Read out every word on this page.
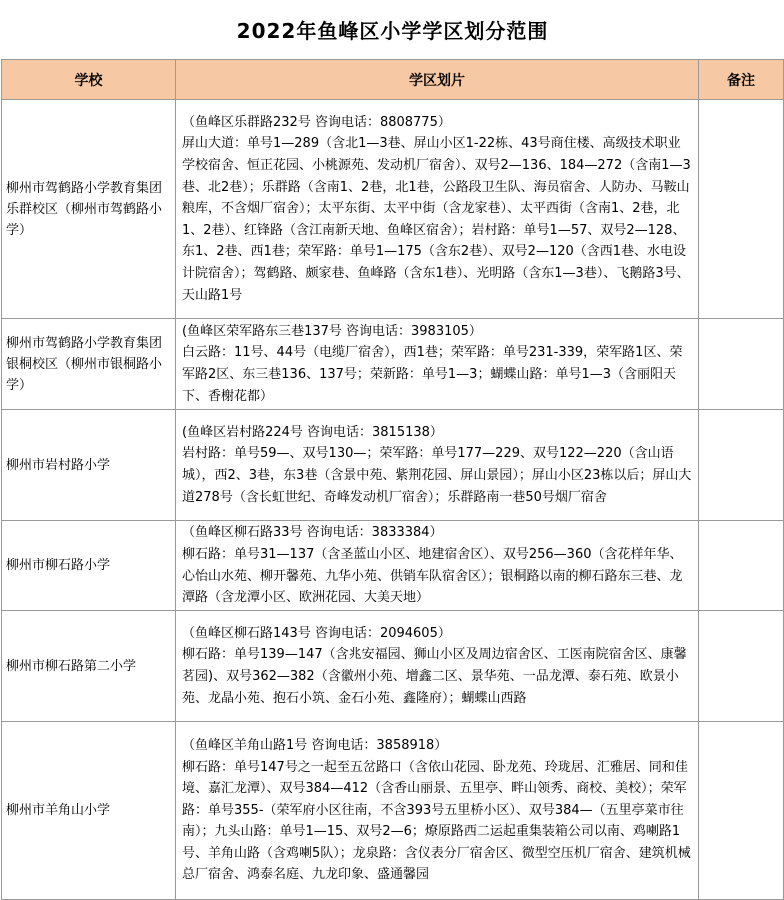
2022年鱼峰区小学学区划分范围		
学校	学区划片	备注
柳州市驾鹤路小学教育集团乐群校区（柳州市驾鹤路小学）	（鱼峰区乐群路232号 咨询电话：8808775）
屏山大道：单号1—289（含北1—3巷、屏山小区1-22栋、43号商住楼、高级技术职业学校宿舍、恒正花园、小桃源苑、发动机厂宿舍）、双号2—136、184—272（含南1—3巷、北2巷）；乐群路（含南1、2巷，北1巷，公路段卫生队、海员宿舍、人防办、马鞍山粮库，不含烟厂宿舍）；太平东街、太平中街（含龙家巷）、太平西街（含南1、2巷，北1、2巷）、红锋路（含江南新天地、鱼峰区宿舍）；岩村路：单号1—57、双号2—128、东1、2巷、西1巷；荣军路：单号1—175（含东2巷）、双号2—120（含西1巷、水电设计院宿舍）；驾鹤路、颇家巷、鱼峰路（含东1巷）、光明路（含东1—3巷）、飞鹅路3号、天山路1号	

柳州市驾鹤路小学教育集团银桐校区（柳州市银桐路小学）	(鱼峰区荣军路东三巷137号 咨询电话：3983105）
白云路：11号、44号（电缆厂宿舍），西1巷；荣军路：单号231-339，荣军路1区、荣军路2区、东三巷136、137号；荣新路：单号1—3；蝴蝶山路：单号1—3（含丽阳天下、香榭花都）	

柳州市岩村路小学	(鱼峰区岩村路224号 咨询电话：3815138）
岩村路：单号59—、双号130—；荣军路：单号177—229、双号122—220（含山语城），西2、3巷，东3巷（含景中苑、紫荆花园、屏山景园）；屏山小区23栋以后；屏山大道278号（含长虹世纪、奇峰发动机厂宿舍）；乐群路南一巷50号烟厂宿舍	

柳州市柳石路小学	（鱼峰区柳石路33号 咨询电话：3833384）
柳石路：单号31—137（含圣蓝山小区、地建宿舍区）、双号256—360（含花样年华、心怡山水苑、柳开馨苑、九华小苑、供销车队宿舍区）；银桐路以南的柳石路东三巷、龙潭路（含龙潭小区、欧洲花园、大美天地）	

柳州市柳石路第二小学	（鱼峰区柳石路143号 咨询电话：2094605）
柳石路：单号139—147（含兆安福园、狮山小区及周边宿舍区、工医南院宿舍区、康馨茗园)、双号362—382（含徽州小苑、增鑫二区、景华苑、一品龙潭、泰石苑、欧景小苑、龙晶小苑、抱石小筑、金石小苑、鑫隆府）；蝴蝶山西路	

柳州市羊角山小学	（鱼峰区羊角山路1号 咨询电话：3858918）
柳石路：单号147号之一起至五岔路口（含依山花园、卧龙苑、玲珑居、汇雅居、同和佳境、嘉汇龙潭）、双号384—412（含香山丽景、五里亭、畔山领秀、商校、美校）；荣军路：单号355-（荣军府小区往南，不含393号五里桥小区）、双号384—（五里亭菜市往南）；九头山路：单号1—15、双号2—6；燎原路西二运起重集装箱公司以南、鸡喇路1号、羊角山路（含鸡喇5队）；龙泉路：含仪表分厂宿舍区、微型空压机厂宿舍、建筑机械总厂宿舍、鸿泰名庭、九龙印象、盛通馨园	
